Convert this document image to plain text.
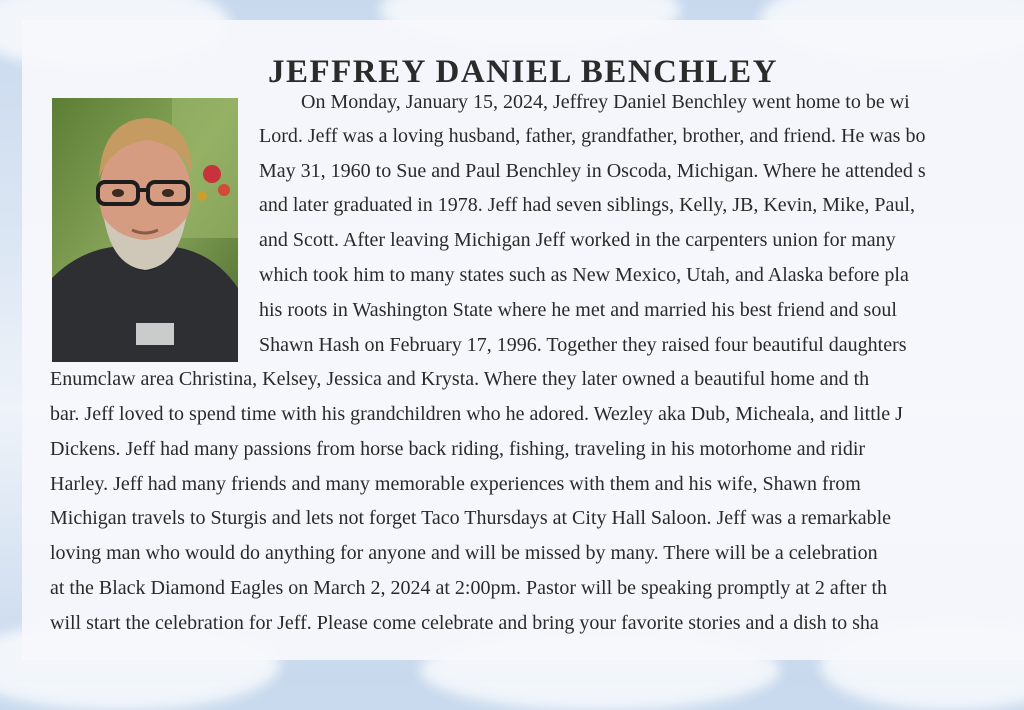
JEFFREY DANIEL BENCHLEY
On Monday, January 15, 2024, Jeffrey Daniel Benchley went home to be wi
Lord. Jeff was a loving husband, father, grandfather, brother, and friend. He was bo
May 31, 1960 to Sue and Paul Benchley in Oscoda, Michigan. Where he attended s
and later graduated in 1978. Jeff had seven siblings, Kelly, JB, Kevin, Mike, Paul,
and Scott. After leaving Michigan Jeff worked in the carpenters union for many
which took him to many states such as New Mexico, Utah, and Alaska before pla
his roots in Washington State where he met and married his best friend and soul
Shawn Hash on February 17, 1996. Together they raised four beautiful daughters
Enumclaw area Christina, Kelsey, Jessica and Krysta. Where they later owned a beautiful home and th
bar. Jeff loved to spend time with his grandchildren who he adored. Wezley aka Dub, Micheala, and little J
Dickens. Jeff had many passions from horse back riding, fishing, traveling in his motorhome and ridir
Harley. Jeff had many friends and many memorable experiences with them and his wife, Shawn from
Michigan travels to Sturgis and lets not forget Taco Thursdays at City Hall Saloon. Jeff was a remarkable
loving man who would do anything for anyone and will be missed by many. There will be a celebration
at the Black Diamond Eagles on March 2, 2024 at 2:00pm. Pastor will be speaking promptly at 2 after th
will start the celebration for Jeff. Please come celebrate and bring your favorite stories and a dish to sha
